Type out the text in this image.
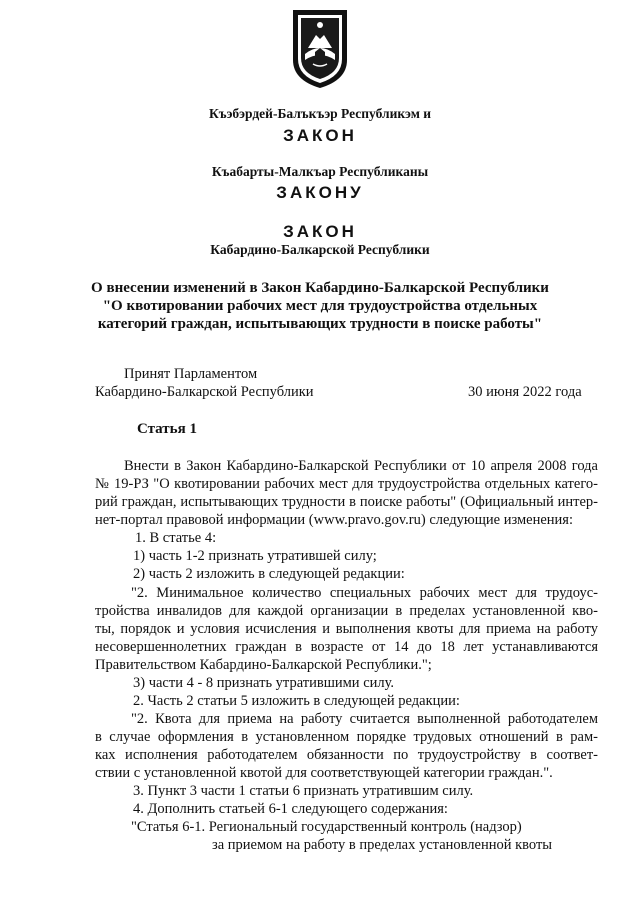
Къэбэрдей-Балъкъэр Республикэм и
ЗАКОН
Къабарты-Малкъар Республиканы
ЗАКОНУ
ЗАКОН
Кабардино-Балкарской Республики
О внесении изменений в Закон Кабардино-Балкарской Республики
"О квотировании рабочих мест для трудоустройства отдельных
категорий граждан, испытывающих трудности в поиске работы"
Принят Парламентом
Кабардино-Балкарской Республики	30 июня 2022 года
Статья 1
Внести в Закон Кабардино-Балкарской Республики от 10 апреля 2008 года
№ 19-РЗ "О квотировании рабочих мест для трудоустройства отдельных катего-
рий граждан, испытывающих трудности в поиске работы" (Официальный интер-
нет-портал правовой информации (www.pravo.gov.ru) следующие изменения:
1. В статье 4:
1) часть 1-2 признать утратившей силу;
2) часть 2 изложить в следующей редакции:
"2. Минимальное количество специальных рабочих мест для трудоус-
тройства инвалидов для каждой организации в пределах установленной кво-
ты, порядок и условия исчисления и выполнения квоты для приема на работу
несовершеннолетних граждан в возрасте от 14 до 18 лет устанавливаются
Правительством Кабардино-Балкарской Республики.";
3) части 4 - 8 признать утратившими силу.
2. Часть 2 статьи 5 изложить в следующей редакции:
"2. Квота для приема на работу считается выполненной работодателем
в случае оформления в установленном порядке трудовых отношений в рам-
ках исполнения работодателем обязанности по трудоустройству в соответ-
ствии с установленной квотой для соответствующей категории граждан.".
3. Пункт 3 части 1 статьи 6 признать утратившим силу.
4. Дополнить статьей 6-1 следующего содержания:
"Статья 6-1. Региональный государственный контроль (надзор)
за приемом на работу в пределах установленной квоты
